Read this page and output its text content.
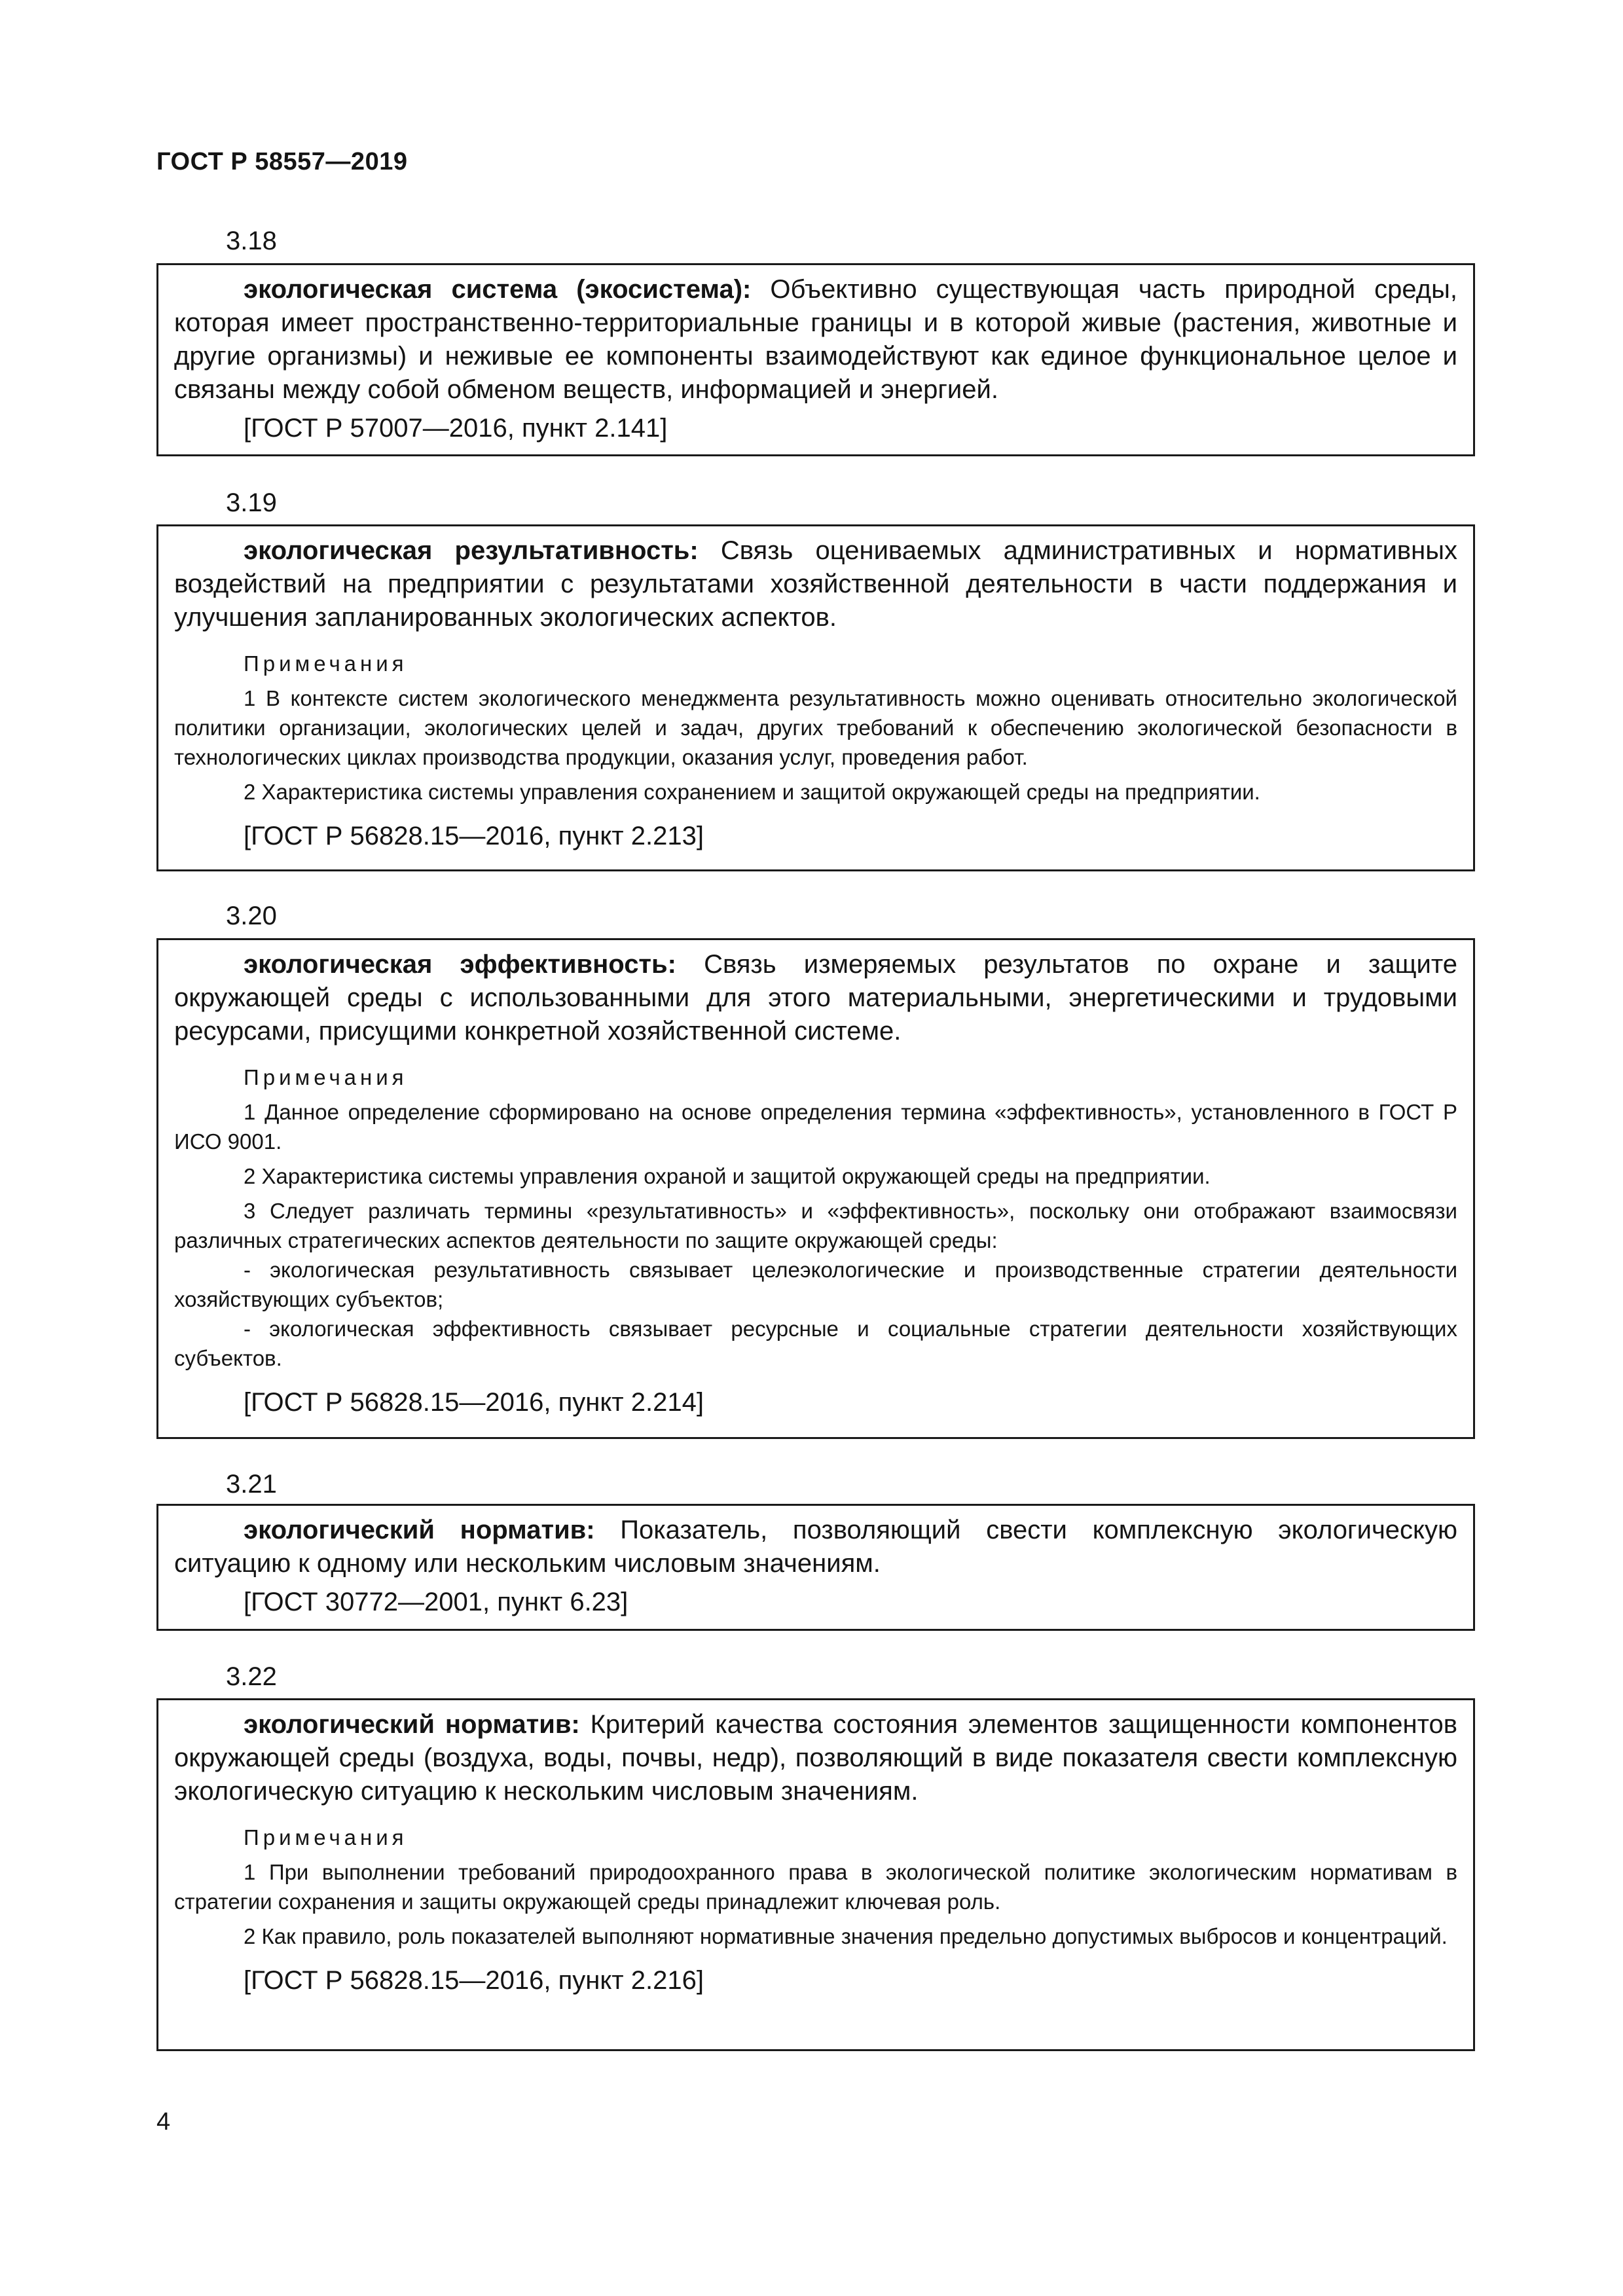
ГОСТ Р 58557—2019
3.18

экологическая система (экосистема): Объективно существующая часть природной среды, которая имеет пространственно-территориальные границы и в которой живые (растения, животные и другие организмы) и неживые ее компоненты взаимодействуют как единое функциональное целое и связаны между собой обменом веществ, информацией и энергией.

[ГОСТ Р 57007—2016, пункт 2.141]

3.19

экологическая результативность: Связь оцениваемых административных и нормативных воздействий на предприятии с результатами хозяйственной деятельности в части поддержания и улучшения запланированных экологических аспектов.

Примечания

1 В контексте систем экологического менеджмента результативность можно оценивать относительно экологической политики организации, экологических целей и задач, других требований к обеспечению экологической безопасности в технологических циклах производства продукции, оказания услуг, проведения работ.

2 Характеристика системы управления сохранением и защитой окружающей среды на предприятии.

[ГОСТ Р 56828.15—2016, пункт 2.213]

3.20

экологическая эффективность: Связь измеряемых результатов по охране и защите окружающей среды с использованными для этого материальными, энергетическими и трудовыми ресурсами, присущими конкретной хозяйственной системе.

Примечания

1 Данное определение сформировано на основе определения термина «эффективность», установленного в ГОСТ Р ИСО 9001.

2 Характеристика системы управления охраной и защитой окружающей среды на предприятии.

3 Следует различать термины «результативность» и «эффективность», поскольку они отображают взаимосвязи различных стратегических аспектов деятельности по защите окружающей среды:

- экологическая результативность связывает целеэкологические и производственные стратегии деятельности хозяйствующих субъектов;

- экологическая эффективность связывает ресурсные и социальные стратегии деятельности хозяйствующих субъектов.

[ГОСТ Р 56828.15—2016, пункт 2.214]

3.21

экологический норматив: Показатель, позволяющий свести комплексную экологическую ситуацию к одному или нескольким числовым значениям.

[ГОСТ 30772—2001, пункт 6.23]

3.22

экологический норматив: Критерий качества состояния элементов защищенности компонентов окружающей среды (воздуха, воды, почвы, недр), позволяющий в виде показателя свести комплексную экологическую ситуацию к нескольким числовым значениям.

Примечания

1 При выполнении требований природоохранного права в экологической политике экологическим нормативам в стратегии сохранения и защиты окружающей среды принадлежит ключевая роль.

2 Как правило, роль показателей выполняют нормативные значения предельно допустимых выбросов и концентраций.

[ГОСТ Р 56828.15—2016, пункт 2.216]

4
